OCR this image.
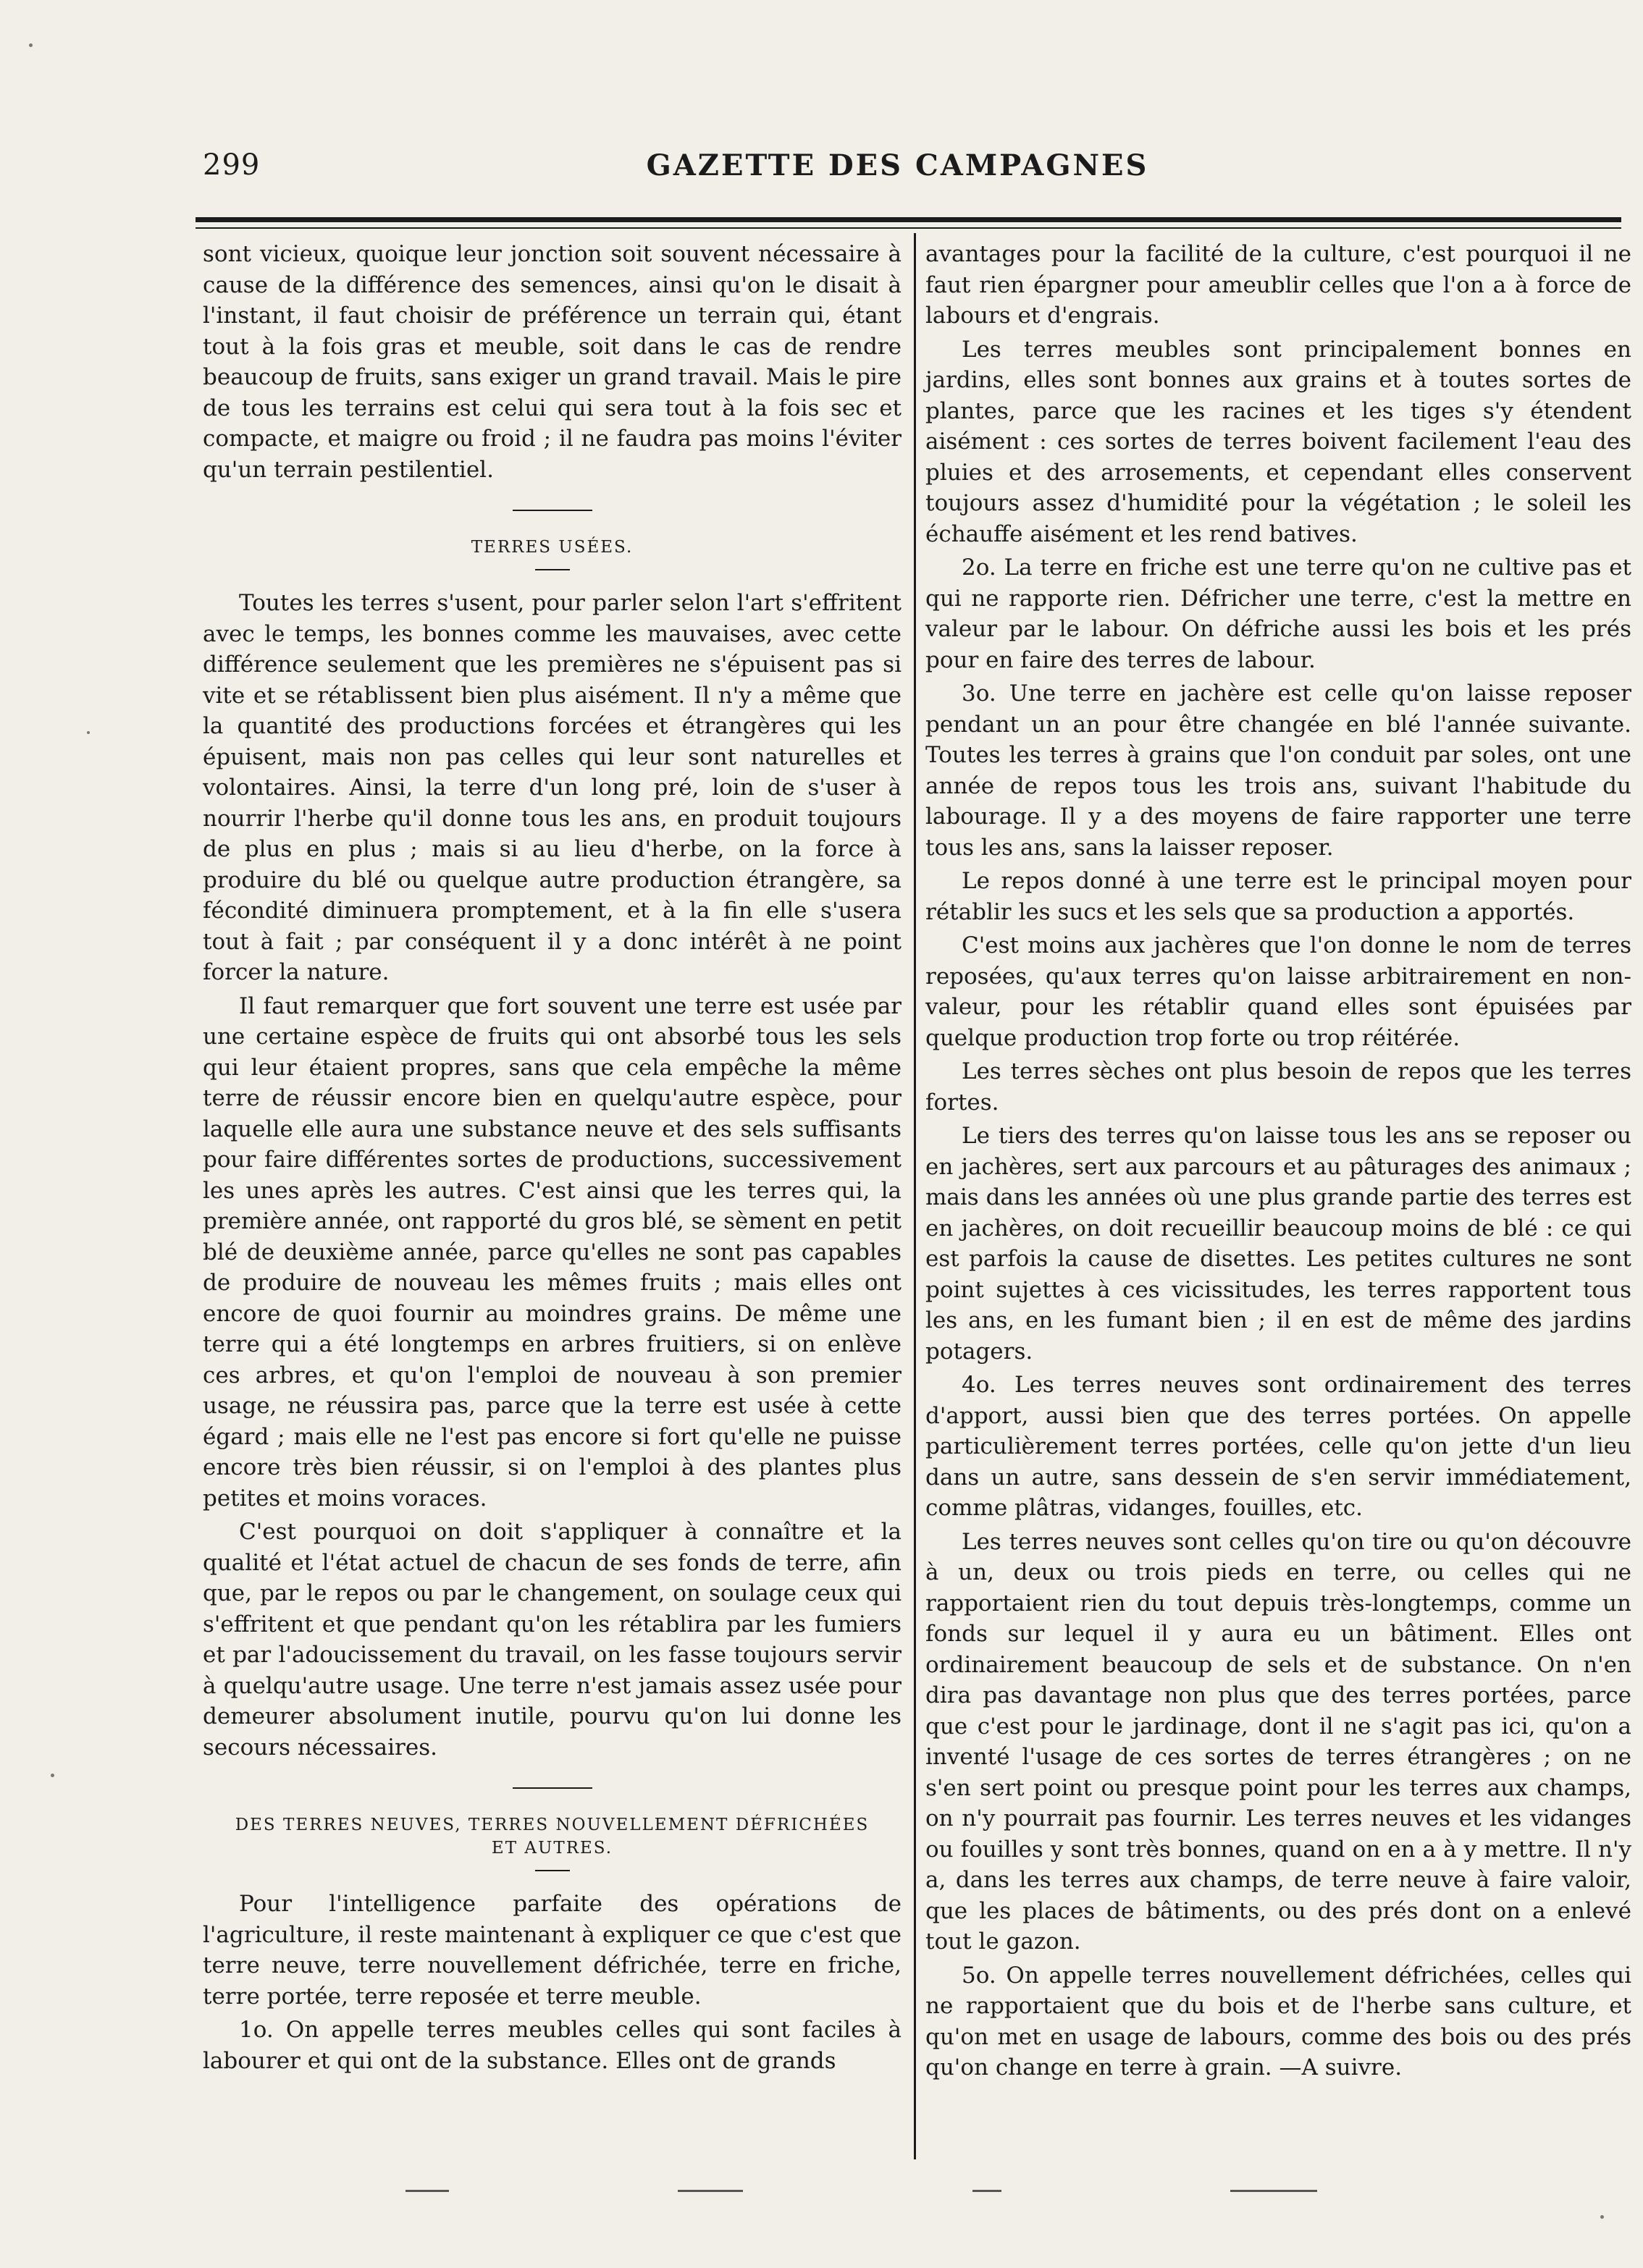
299	GAZETTE DES CAMPAGNES

sont vicieux, quoique leur jonction soit souvent nécessaire à cause de la différence des semences, ainsi qu'on le disait à l'instant, il faut choisir de préférence un terrain qui, étant tout à la fois gras et meuble, soit dans le cas de rendre beaucoup de fruits, sans exiger un grand travail. Mais le pire de tous les terrains est celui qui sera tout à la fois sec et compacte, et maigre ou froid ; il ne faudra pas moins l'éviter qu'un terrain pestilentiel.

TERRES USÉES.

Toutes les terres s'usent, pour parler selon l'art s'effritent avec le temps, les bonnes comme les mauvaises, avec cette différence seulement que les premières ne s'épuisent pas si vite et se rétablissent bien plus aisément. Il n'y a même que la quantité des productions forcées et étrangères qui les épuisent, mais non pas celles qui leur sont naturelles et volontaires. Ainsi, la terre d'un long pré, loin de s'user à nourrir l'herbe qu'il donne tous les ans, en produit toujours de plus en plus ; mais si au lieu d'herbe, on la force à produire du blé ou quelque autre production étrangère, sa fécondité diminuera promptement, et à la fin elle s'usera tout à fait ; par conséquent il y a donc intérêt à ne point forcer la nature.

Il faut remarquer que fort souvent une terre est usée par une certaine espèce de fruits qui ont absorbé tous les sels qui leur étaient propres, sans que cela empêche la même terre de réussir encore bien en quelqu'autre espèce, pour laquelle elle aura une substance neuve et des sels suffisants pour faire différentes sortes de productions, successivement les unes après les autres. C'est ainsi que les terres qui, la première année, ont rapporté du gros blé, se sèment en petit blé de deuxième année, parce qu'elles ne sont pas capables de produire de nouveau les mêmes fruits ; mais elles ont encore de quoi fournir au moindres grains. De même une terre qui a été longtemps en arbres fruitiers, si on enlève ces arbres, et qu'on l'emploi de nouveau à son premier usage, ne réussira pas, parce que la terre est usée à cette égard ; mais elle ne l'est pas encore si fort qu'elle ne puisse encore très bien réussir, si on l'emploi à des plantes plus petites et moins voraces.

C'est pourquoi on doit s'appliquer à connaître et la qualité et l'état actuel de chacun de ses fonds de terre, afin que, par le repos ou par le changement, on soulage ceux qui s'effritent et que pendant qu'on les rétablira par les fumiers et par l'adoucissement du travail, on les fasse toujours servir à quelqu'autre usage. Une terre n'est jamais assez usée pour demeurer absolument inutile, pourvu qu'on lui donne les secours nécessaires.

DES TERRES NEUVES, TERRES NOUVELLEMENT DÉFRICHÉES ET AUTRES.

Pour l'intelligence parfaite des opérations de l'agriculture, il reste maintenant à expliquer ce que c'est que terre neuve, terre nouvellement défrichée, terre en friche, terre portée, terre reposée et terre meuble.

1o. On appelle terres meubles celles qui sont faciles à labourer et qui ont de la substance. Elles ont de grands

avantages pour la facilité de la culture, c'est pourquoi il ne faut rien épargner pour ameublir celles que l'on a à force de labours et d'engrais.

Les terres meubles sont principalement bonnes en jardins, elles sont bonnes aux grains et à toutes sortes de plantes, parce que les racines et les tiges s'y étendent aisément : ces sortes de terres boivent facilement l'eau des pluies et des arrosements, et cependant elles conservent toujours assez d'humidité pour la végétation ; le soleil les échauffe aisément et les rend batives.

2o. La terre en friche est une terre qu'on ne cultive pas et qui ne rapporte rien. Défricher une terre, c'est la mettre en valeur par le labour. On défriche aussi les bois et les prés pour en faire des terres de labour.

3o. Une terre en jachère est celle qu'on laisse reposer pendant un an pour être changée en blé l'année suivante. Toutes les terres à grains que l'on conduit par soles, ont une année de repos tous les trois ans, suivant l'habitude du labourage. Il y a des moyens de faire rapporter une terre tous les ans, sans la laisser reposer.

Le repos donné à une terre est le principal moyen pour rétablir les sucs et les sels que sa production a apportés.

C'est moins aux jachères que l'on donne le nom de terres reposées, qu'aux terres qu'on laisse arbitrairement en non-valeur, pour les rétablir quand elles sont épuisées par quelque production trop forte ou trop réitérée.

Les terres sèches ont plus besoin de repos que les terres fortes.

Le tiers des terres qu'on laisse tous les ans se reposer ou en jachères, sert aux parcours et au pâturages des animaux ; mais dans les années où une plus grande partie des terres est en jachères, on doit recueillir beaucoup moins de blé : ce qui est parfois la cause de disettes. Les petites cultures ne sont point sujettes à ces vicissitudes, les terres rapportent tous les ans, en les fumant bien ; il en est de même des jardins potagers.

4o. Les terres neuves sont ordinairement des terres d'apport, aussi bien que des terres portées. On appelle particulièrement terres portées, celle qu'on jette d'un lieu dans un autre, sans dessein de s'en servir immédiatement, comme plâtras, vidanges, fouilles, etc.

Les terres neuves sont celles qu'on tire ou qu'on découvre à un, deux ou trois pieds en terre, ou celles qui ne rapportaient rien du tout depuis très-longtemps, comme un fonds sur lequel il y aura eu un bâtiment. Elles ont ordinairement beaucoup de sels et de substance. On n'en dira pas davantage non plus que des terres portées, parce que c'est pour le jardinage, dont il ne s'agit pas ici, qu'on a inventé l'usage de ces sortes de terres étrangères ; on ne s'en sert point ou presque point pour les terres aux champs, on n'y pourrait pas fournir. Les terres neuves et les vidanges ou fouilles y sont très bonnes, quand on en a à y mettre. Il n'y a, dans les terres aux champs, de terre neuve à faire valoir, que les places de bâtiments, ou des prés dont on a enlevé tout le gazon.

5o. On appelle terres nouvellement défrichées, celles qui ne rapportaient que du bois et de l'herbe sans culture, et qu'on met en usage de labours, comme des bois ou des prés qu'on change en terre à grain. —A suivre.
